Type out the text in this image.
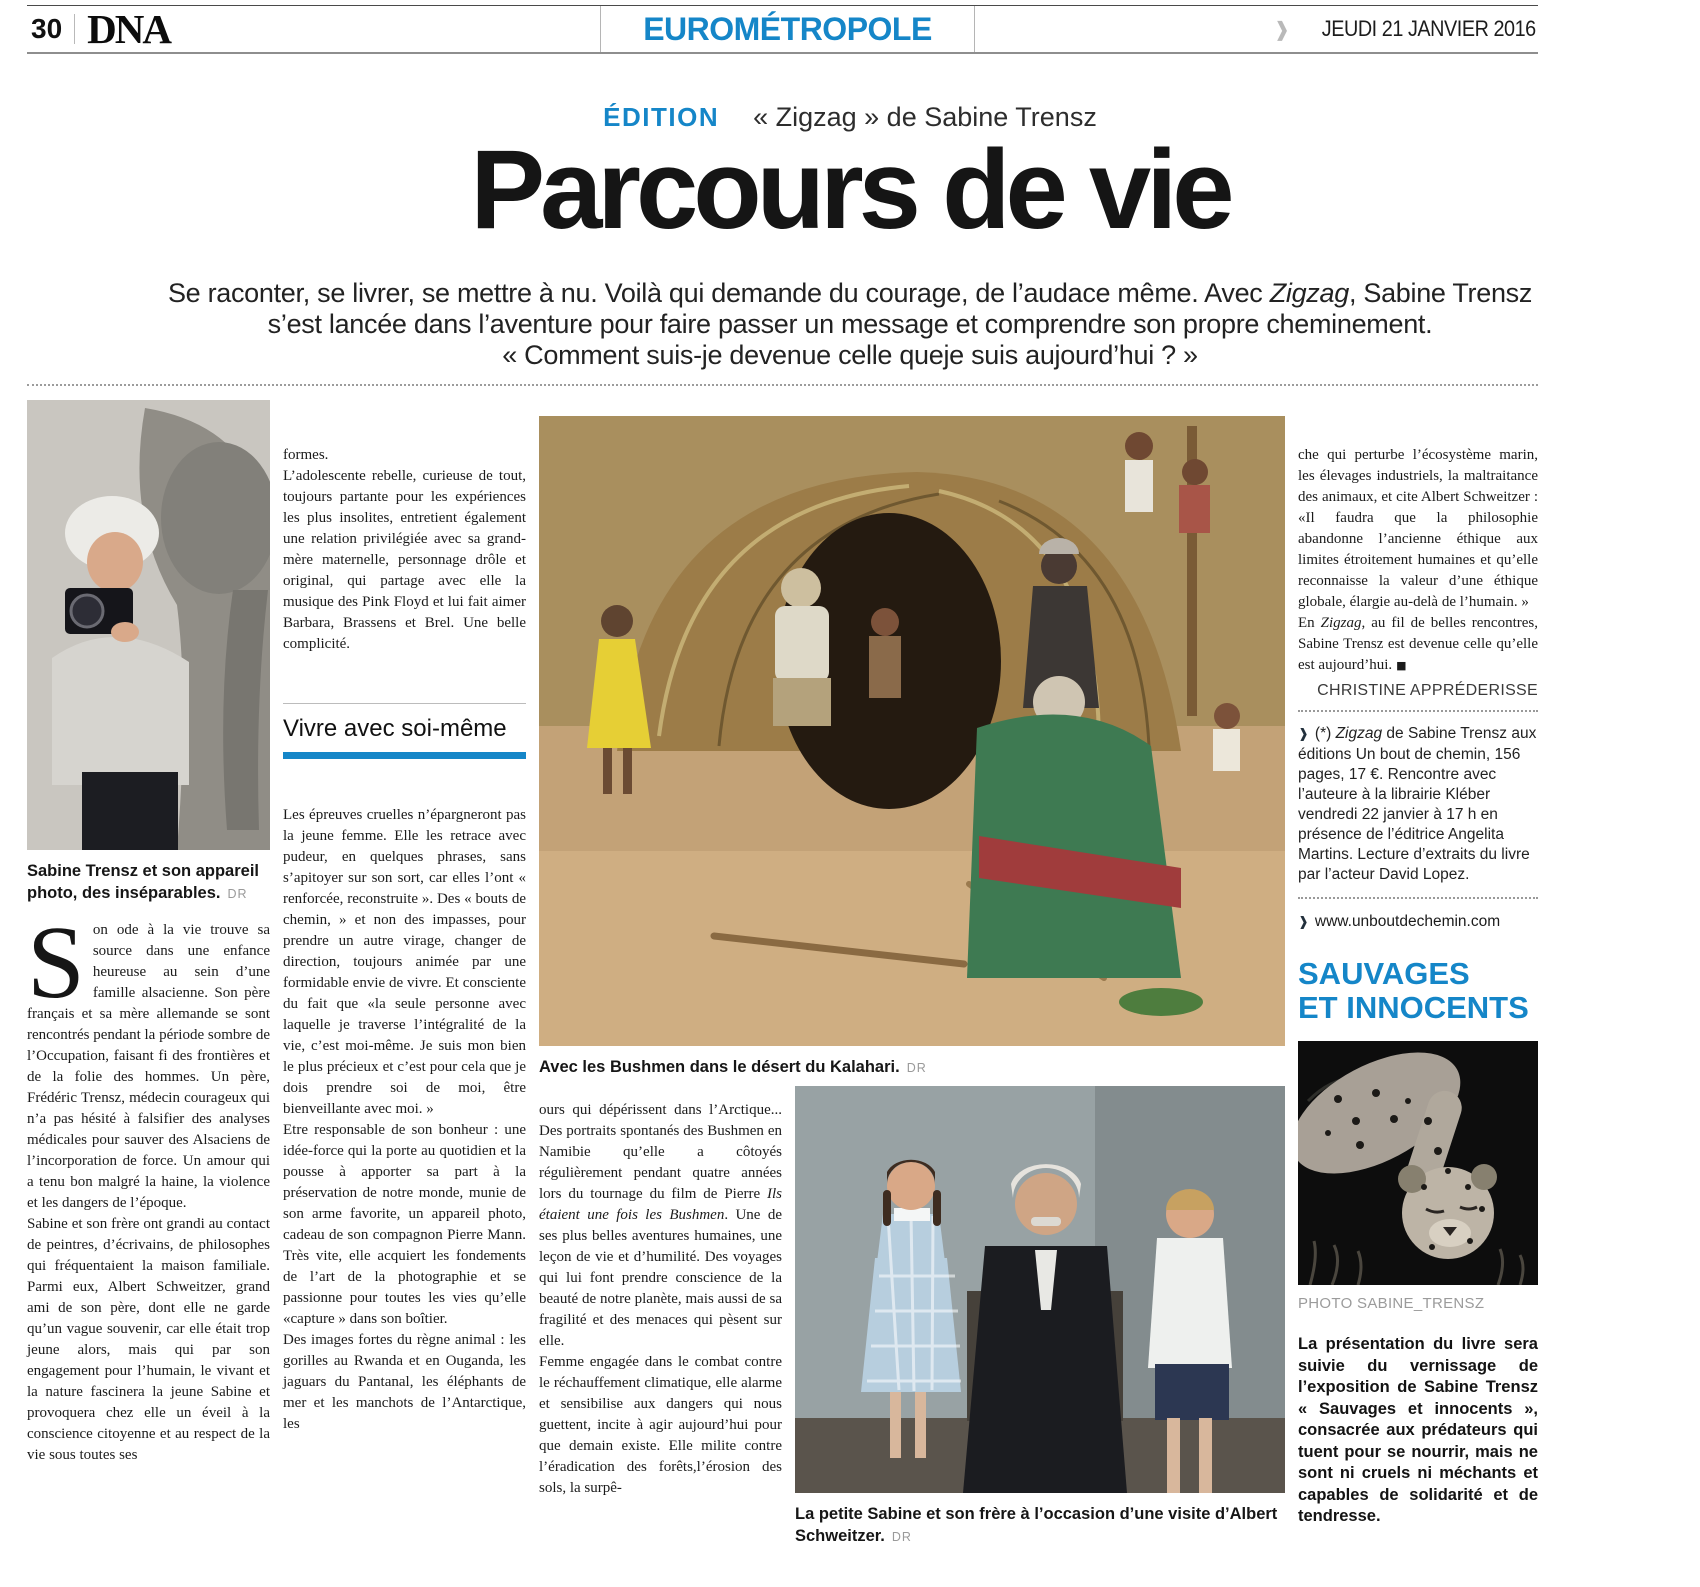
30 DNA	EUROMÉTROPOLE	❱ JEUDI 21 JANVIER 2016
ÉDITION « Zigzag » de Sabine Trensz
Parcours de vie
Se raconter, se livrer, se mettre à nu. Voilà qui demande du courage, de l’audace même. Avec Zigzag, Sabine Trensz
s’est lancée dans l’aventure pour faire passer un message et comprendre son propre cheminement.
« Comment suis-je devenue celle queje suis aujourd’hui ? »
Sabine Trensz et son appareil photo, des inséparables. DR

Son ode à la vie trouve sa source dans une enfance heureuse au sein d’une famille alsacienne. Son père français et sa mère allemande se sont rencontrés pendant la période sombre de l’Occupation, faisant fi des frontières et de la folie des hommes. Un père, Frédéric Trensz, médecin courageux qui n’a pas hésité à falsifier des analyses médicales pour sauver des Alsaciens de l’incorporation de force. Un amour qui a tenu bon malgré la haine, la violence et les dangers de l’époque.

Sabine et son frère ont grandi au contact de peintres, d’écrivains, de philosophes qui fréquentaient la maison familiale. Parmi eux, Albert Schweitzer, grand ami de son père, dont elle ne garde qu’un vague souvenir, car elle était trop jeune alors, mais qui par son engagement pour l’humain, le vivant et la nature fascinera la jeune Sabine et provoquera chez elle un éveil à la conscience citoyenne et au respect de la vie sous toutes ses

formes.

L’adolescente rebelle, curieuse de tout, toujours partante pour les expériences les plus insolites, entretient également une relation privilégiée avec sa grand-mère maternelle, personnage drôle et original, qui partage avec elle la musique des Pink Floyd et lui fait aimer Barbara, Brassens et Brel. Une belle complicité.

Vivre avec soi-même

Les épreuves cruelles n’épargneront pas la jeune femme. Elle les retrace avec pudeur, en quelques phrases, sans s’apitoyer sur son sort, car elles l’ont « renforcée, reconstruite ». Des « bouts de chemin, » et non des impasses, pour prendre un autre virage, changer de direction, toujours animée par une formidable envie de vivre. Et consciente du fait que «la seule personne avec laquelle je traverse l’intégralité de la vie, c’est moi-même. Je suis mon bien le plus précieux et c’est pour cela que je dois prendre soi de moi, être bienveillante avec moi. »

Etre responsable de son bonheur : une idée-force qui la porte au quotidien et la pousse à apporter sa part à la préservation de notre monde, munie de son arme favorite, un appareil photo, cadeau de son compagnon Pierre Mann. Très vite, elle acquiert les fondements de l’art de la photographie et se passionne pour toutes les vies qu’elle «capture » dans son boîtier.

Des images fortes du règne animal : les gorilles au Rwanda et en Ouganda, les jaguars du Pantanal, les éléphants de mer et les manchots de l’Antarctique, les

Avec les Bushmen dans le désert du Kalahari. DR

ours qui dépérissent dans l’Arctique... Des portraits spontanés des Bushmen en Namibie qu’elle a côtoyés régulièrement pendant quatre années lors du tournage du film de Pierre Ils étaient une fois les Bushmen. Une de ses plus belles aventures humaines, une leçon de vie et d’humilité. Des voyages qui lui font prendre conscience de la beauté de notre planète, mais aussi de sa fragilité et des menaces qui pèsent sur elle.

Femme engagée dans le combat contre le réchauffement climatique, elle alarme et sensibilise aux dangers qui nous guettent, incite à agir aujourd’hui pour que demain existe. Elle milite contre l’éradication des forêts,l’érosion des sols, la surpê-

La petite Sabine et son frère à l’occasion d’une visite d’Albert Schweitzer. DR

che qui perturbe l’écosystème marin, les élevages industriels, la maltraitance des animaux, et cite Albert Schweitzer : «Il faudra que la philosophie abandonne l’ancienne éthique aux limites étroitement humaines et qu’elle reconnaisse la valeur d’une éthique globale, élargie au-delà de l’humain. »

En Zigzag, au fil de belles rencontres, Sabine Trensz est devenue celle qu’elle est aujourd’hui. ■

CHRISTINE APPRÉDERISSE

❱ (*) Zigzag de Sabine Trensz aux éditions Un bout de chemin, 156 pages, 17 €. Rencontre avec l’auteure à la librairie Kléber vendredi 22 janvier à 17 h en présence de l’éditrice Angelita Martins. Lecture d’extraits du livre par l’acteur David Lopez.

❱ www.unboutdechemin.com

SAUVAGES
ET INNOCENTS
PHOTO SABINE_TRENSZ

La présentation du livre sera suivie du vernissage de l’exposition de Sabine Trensz « Sauvages et innocents », consacrée aux prédateurs qui tuent pour se nourrir, mais ne sont ni cruels ni méchants et capables de solidarité et de tendresse.
